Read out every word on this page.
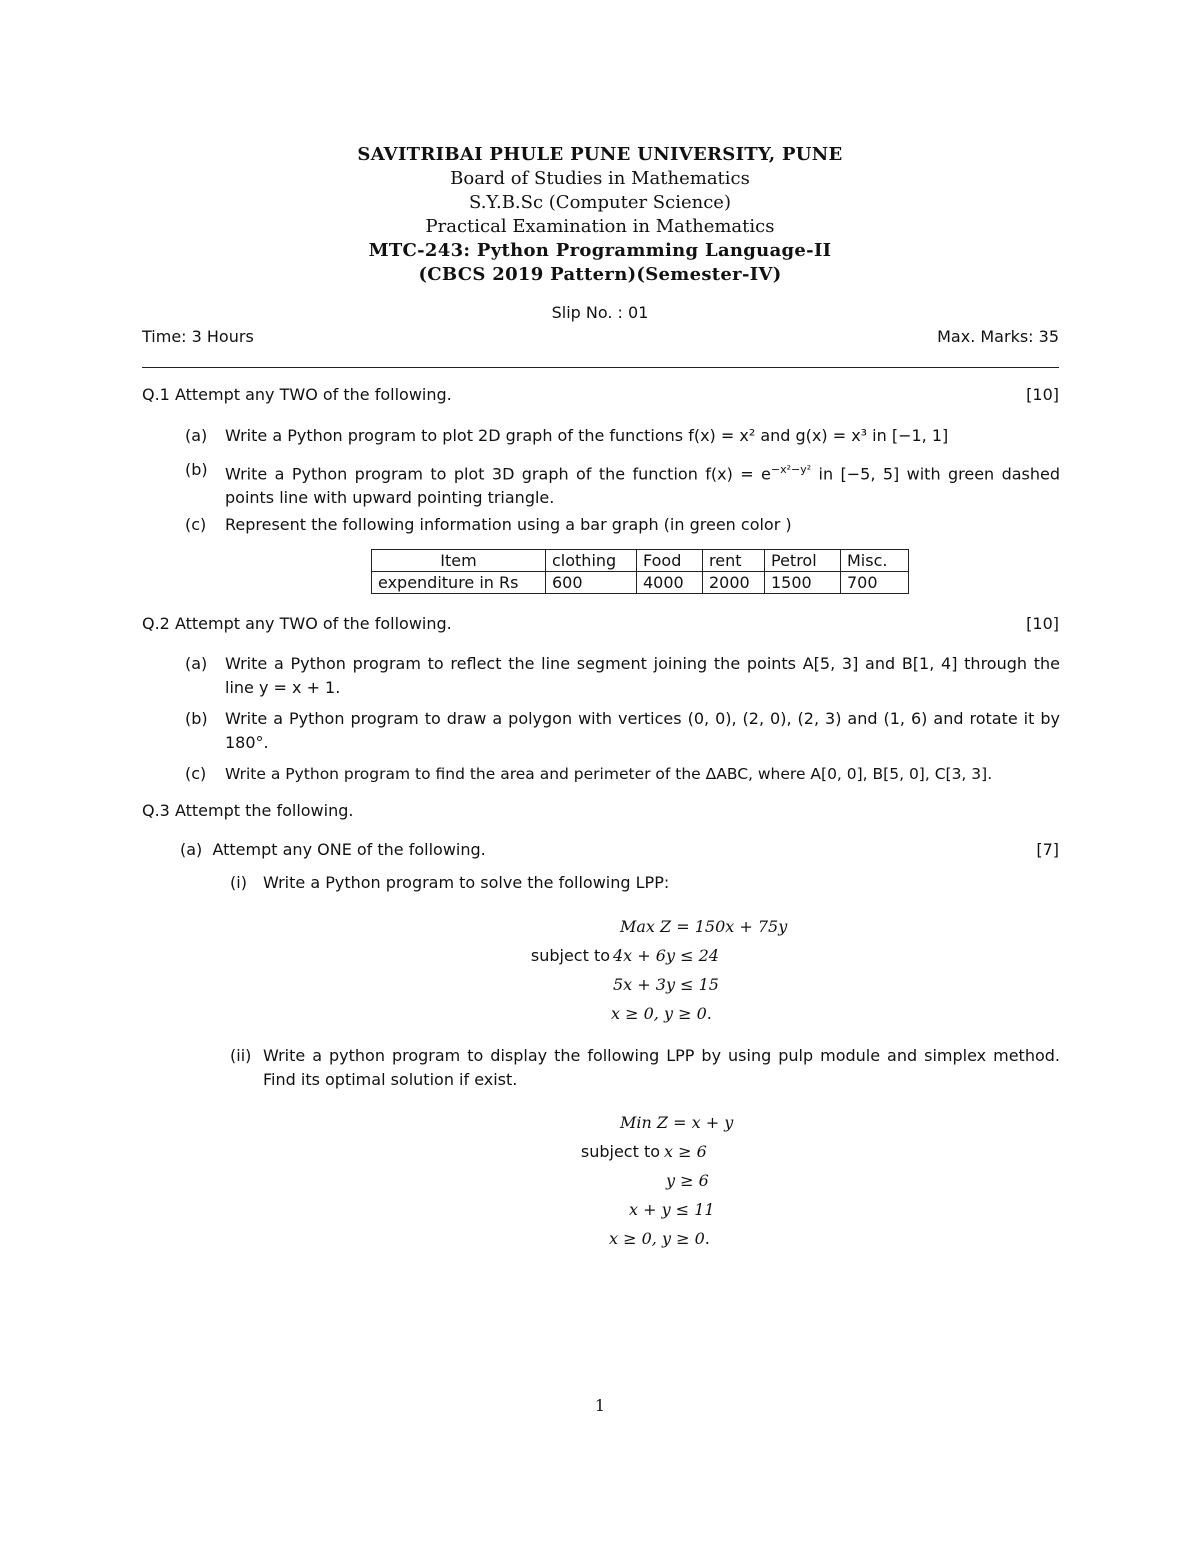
SAVITRIBAI PHULE PUNE UNIVERSITY, PUNE
Board of Studies in Mathematics
S.Y.B.Sc (Computer Science)
Practical Examination in Mathematics
MTC-243: Python Programming Language-II
(CBCS 2019 Pattern)(Semester-IV)
Slip No. : 01
Time: 3 Hours	Max. Marks: 35
Q.1 Attempt any TWO of the following.	[10]
(a) Write a Python program to plot 2D graph of the functions f(x) = x² and g(x) = x³ in [−1, 1]
(b) Write a Python program to plot 3D graph of the function $f(x) = e^{-x^2-y^2}$ in [−5, 5] with green dashed points line with upward pointing triangle.
(c) Represent the following information using a bar graph (in green color )
Item	clothing	Food	rent	Petrol	Misc.
expenditure in Rs	600	4000	2000	1500	700
Q.2 Attempt any TWO of the following.	[10]
(a) Write a Python program to reflect the line segment joining the points A[5, 3] and B[1, 4] through the line y = x + 1.
(b) Write a Python program to draw a polygon with vertices (0, 0), (2, 0), (2, 3) and (1, 6) and rotate it by 180°.
(c) Write a Python program to find the area and perimeter of the ΔABC, where A[0, 0], B[5, 0], C[3, 3].
Q.3 Attempt the following.
(a) Attempt any ONE of the following.	[7]
(i) Write a Python program to solve the following LPP:
Max Z = 150x + 75y
subject to 4x + 6y ≤ 24
5x + 3y ≤ 15
x ≥ 0, y ≥ 0.
(ii) Write a python program to display the following LPP by using pulp module and simplex method. Find its optimal solution if exist.
Min Z = x + y
subject to x ≥ 6
y ≥ 6
x + y ≤ 11
x ≥ 0, y ≥ 0.
1
